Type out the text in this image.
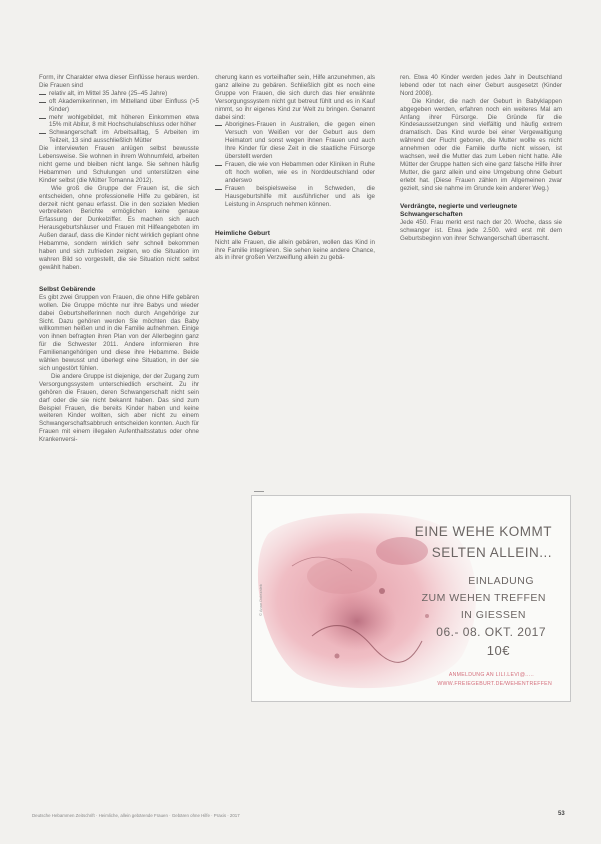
Form, ihr Charakter etwa dieser Einflüsse heraus werden. Die Frauen sind

relativ alt, im Mittel 35 Jahre (25–45 Jahre)

oft Akademikerinnen, im Mittelland über Einfluss (>5 Kinder)

mehr wohlgebildet, mit höheren Einkommen etwa 15% mit Abitur, 8 mit Hochschulabschluss oder höher

Schwangerschaft im Arbeitsalltag, 5 Arbeiten im Teilzeit, 13 sind ausschließlich Mütter

Die interviewten Frauen anlügen selbst bewusste Lebensweise. Sie wohnen in ihrem Wohnumfeld, arbeiten nicht gerne und bleiben nicht lange. Sie sehnen häufig Hebammen und Schulungen und unterstützen eine Kinder selbst (die Mütter Tomanna 2012).

Wie groß die Gruppe der Frauen ist, die sich entscheiden, ohne professionelle Hilfe zu gebären, ist derzeit nicht genau erfasst. Die in den sozialen Medien verbreiteten Berichte ermöglichen keine genaue Erfassung der Dunkelziffer. Es machen sich auch Herausgeburtshäuser und Frauen mit Hilfeangeboten im Außen darauf, dass die Kinder nicht wirklich geplant ohne Hebamme, sondern wirklich sehr schnell bekommen haben und sich zufrieden zeigten, wo die Situation im wahren Bild so vorgestellt, die sie Situation nicht selbst gewählt haben.

Selbst Gebärende

Es gibt zwei Gruppen von Frauen, die ohne Hilfe gebären wollen. Die Gruppe möchte nur ihre Babys und wieder dabei Geburtshelferinnen noch durch Angehörige zur Sicht. Dazu gehören werden Sie möchten das Baby willkommen heißen und in die Familie aufnehmen. Einige von ihnen befragten ihren Plan von der Allerbeginn ganz für die Schwester 2011. Andere informieren ihre Familienangehörigen und diese ihre Hebamme. Beide wählen bewusst und überlegt eine Situation, in der sie sich ungestört fühlen.

Die andere Gruppe ist diejenige, der der Zugang zum Versorgungssystem unterschiedlich erscheint. Zu ihr gehören die Frauen, deren Schwangerschaft nicht sein darf oder die sie nicht bekannt haben. Das sind zum Beispiel Frauen, die bereits Kinder haben und keine weiteren Kinder wollten, sich aber nicht zu einem Schwangerschaftsabbruch entscheiden konnten. Auch für Frauen mit einem illegalen Aufenthaltsstatus oder ohne Krankenversi-

cherung kann es vorteilhafter sein, Hilfe anzunehmen, als ganz alleine zu gebären. Schließlich gibt es noch eine Gruppe von Frauen, die sich durch das hier erwähnte Versorgungssystem nicht gut betreut fühlt und es in Kauf nimmt, so ihr eigenes Kind zur Welt zu bringen. Genannt dabei sind:

Aborigines-Frauen in Australien, die gegen einen Versuch von Weißen vor der Geburt aus dem Heimatort und sonst wegen ihnen Frauen und auch Ihre Kinder für diese Zeit in die staatliche Fürsorge überstellt werden

Frauen, die wie von Hebammen oder Kliniken in Ruhe oft hoch wollen, wie es in Norddeutschland oder anderswo

Frauen beispielsweise in Schweden, die Hausgeburtshilfe mit ausführlicher und als ige Leistung in Anspruch nehmen können.

Heimliche Geburt

Nicht alle Frauen, die allein gebären, wollen das Kind in ihre Familie integrieren. Sie sehen keine andere Chance, als in ihrer großen Verzweiflung allein zu gebä-

ren. Etwa 40 Kinder werden jedes Jahr in Deutschland lebend oder tot nach einer Geburt ausgesetzt (Kinder Nord 2008).

Die Kinder, die nach der Geburt in Babyklappen abgegeben werden, erfahren noch ein weiteres Mal am Anfang ihrer Fürsorge. Die Gründe für die Kindesaussetzungen sind vielfältig und häufig extrem dramatisch. Das Kind wurde bei einer Vergewaltigung während der Flucht geboren, die Mutter wollte es nicht annehmen oder die Familie durfte nicht wissen, ist wachsen, weil die Mutter das zum Leben nicht hatte. Alle Mütter der Gruppe hatten sich eine ganz falsche Hilfe ihrer Mutter, die ganz allein und eine Umgebung ohne Geburt erlebt hat. (Diese Frauen zählen im Allgemeinen zwar gezielt, sind sie nahme im Grunde kein anderer Weg.)

Verdrängte, negierte und verleugnete Schwangerschaften

Jede 450. Frau merkt erst nach der 20. Woche, dass sie schwanger ist. Etwa jede 2.500. wird erst mit dem Geburtsbeginn von ihrer Schwangerschaft überrascht.

© Anne Dolezalek
EINE WEHE KOMMT
SELTEN ALLEIN...
EINLADUNG
ZUM WEHEN TREFFEN
IN GIESSEN
06.- 08. OKT. 2017
10€
ANMELDUNG AN LILI.LEVI@.....
WWW.FREIEGEBURT.DE/WEHENTREFFEN
Deutsche Hebammen Zeitschrift · Heimliche, allein gebärende Frauen · Gebären ohne Hilfe · Praxis · 2017	53
